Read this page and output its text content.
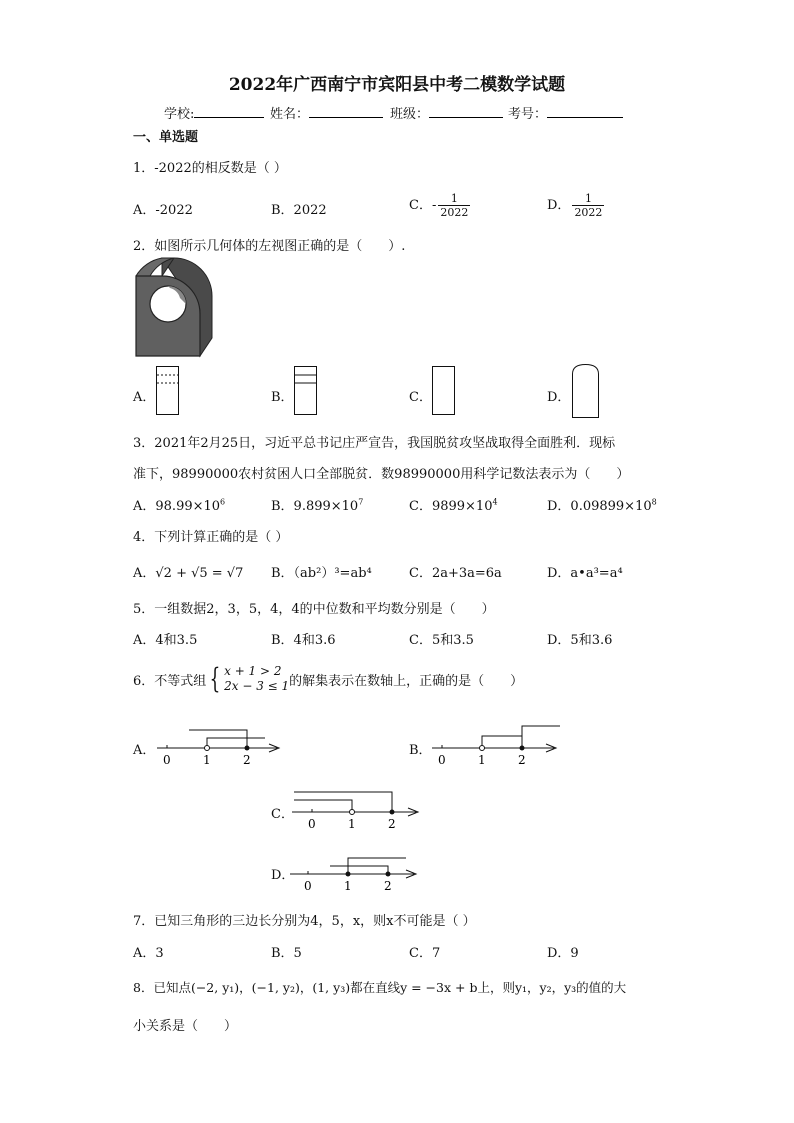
2022年广西南宁市宾阳县中考二模数学试题
学校:	姓名：	班级：	考号：
一、单选题
1．-2022的相反数是（ ）
A．-2022	B．2022	C．- $\frac{1}{2022}$	D． $\frac{1}{2022}$
2．如图所示几何体的左视图正确的是（　　）.
A．	B．	C．	D．
3．2021年2月25日，习近平总书记庄严宣告，我国脱贫攻坚战取得全面胜利．现标
准下，98990000农村贫困人口全部脱贫．数98990000用科学记数法表示为（　　）
A．$98.99\times 10^6$	B．$9.899\times 10^7$	C．$9899\times 10^4$	D．$0.09899\times 10^8$
4．下列计算正确的是（ ）
A．√2 + √5 = √7 B．（ab²）³=ab⁴	C．2a+3a=6a	D．a•a³=a⁴
5．一组数据2，3，5，4，4的中位数和平均数分别是（　　）
A．4和3.5	B．4和3.6	C．5和3.5	D．5和3.6
6．不等式组 { x + 1 > 2
2x − 3 ≤ 1 的解集表示在数轴上，正确的是（　　）
A．
0	1	2
B．
0	1	2
C．
0	1	2
D．
0	1	2
7．已知三角形的三边长分别为4，5，x，则x不可能是（ ）
A．3	B．5	C．7	D．9
8．已知点(−2, y₁)，(−1, y₂)，(1, y₃)都在直线y = −3x + b上，则y₁，y₂，y₃的值的大
小关系是（　　）
